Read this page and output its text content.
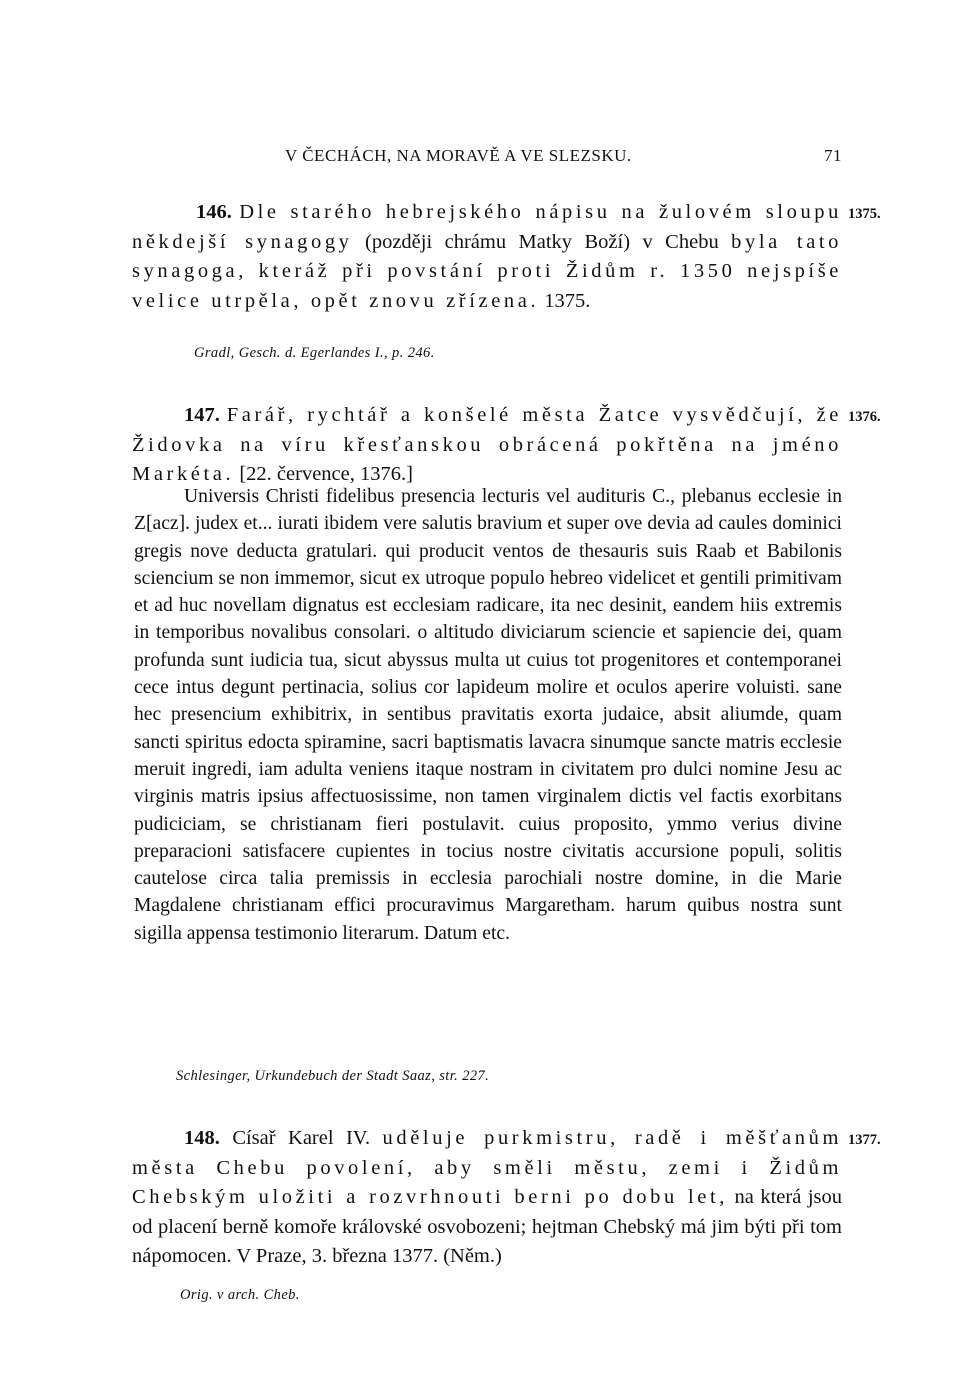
V ČECHÁCH, NA MORAVĚ A VE SLEZSKU.	71
146. Dle starého hebrejského nápisu na žulovém sloupu někdejší synagogy (později chrámu Matky Boží) v Chebu byla tato synagoga, kteráž při povstání proti Židům r. 1350 nejspíše velice utrpěla, opět znovu zřízena. 1375.
1375.
Gradl, Gesch. d. Egerlandes I., p. 246.
147. Farář, rychtář a konšelé města Žatce vysvědčují, že Židovka na víru křesťanskou obrácená pokřtěna na jméno Markéta. [22. července, 1376.]
1376.
Universis Christi fidelibus presencia lecturis vel audituris C., plebanus ecclesie in Z[acz]. judex et... iurati ibidem vere salutis bravium et super ove devia ad caules dominici gregis nove deducta gratulari. qui producit ventos de thesauris suis Raab et Babilonis sciencium se non immemor, sicut ex utroque populo hebreo videlicet et gentili primitivam et ad huc novellam dignatus est ecclesiam radicare, ita nec desinit, eandem hiis extremis in temporibus novalibus consolari. o altitudo diviciarum sciencie et sapiencie dei, quam profunda sunt iudicia tua, sicut abyssus multa ut cuius tot progenitores et contemporanei cece intus degunt pertinacia, solius cor lapideum molire et oculos aperire voluisti. sane hec presencium exhibitrix, in sentibus pravitatis exorta judaice, absit aliumde, quam sancti spiritus edocta spiramine, sacri baptismatis lavacra sinumque sancte matris ecclesie meruit ingredi, iam adulta veniens itaque nostram in civitatem pro dulci nomine Jesu ac virginis matris ipsius affectuosissime, non tamen virginalem dictis vel factis exorbitans pudiciciam, se christianam fieri postulavit. cuius proposito, ymmo verius divine preparacioni satisfacere cupientes in tocius nostre civitatis accursione populi, solitis cautelose circa talia premissis in ecclesia parochiali nostre domine, in die Marie Magdalene christianam effici procuravimus Margaretham. harum quibus nostra sunt sigilla appensa testimonio literarum. Datum etc.
Schlesinger, Urkundebuch der Stadt Saaz, str. 227.
148. Císař Karel IV. uděluje purkmistru, radě i měšťanům města Chebu povolení, aby směli městu, zemi i Židům Chebským uložiti a rozvrhnouti berni po dobu let, na která jsou od placení berně komoře královské osvobozeni; hejtman Chebský má jim býti při tom nápomocen. V Praze, 3. března 1377. (Něm.)
1377.
Orig. v arch. Cheb.
